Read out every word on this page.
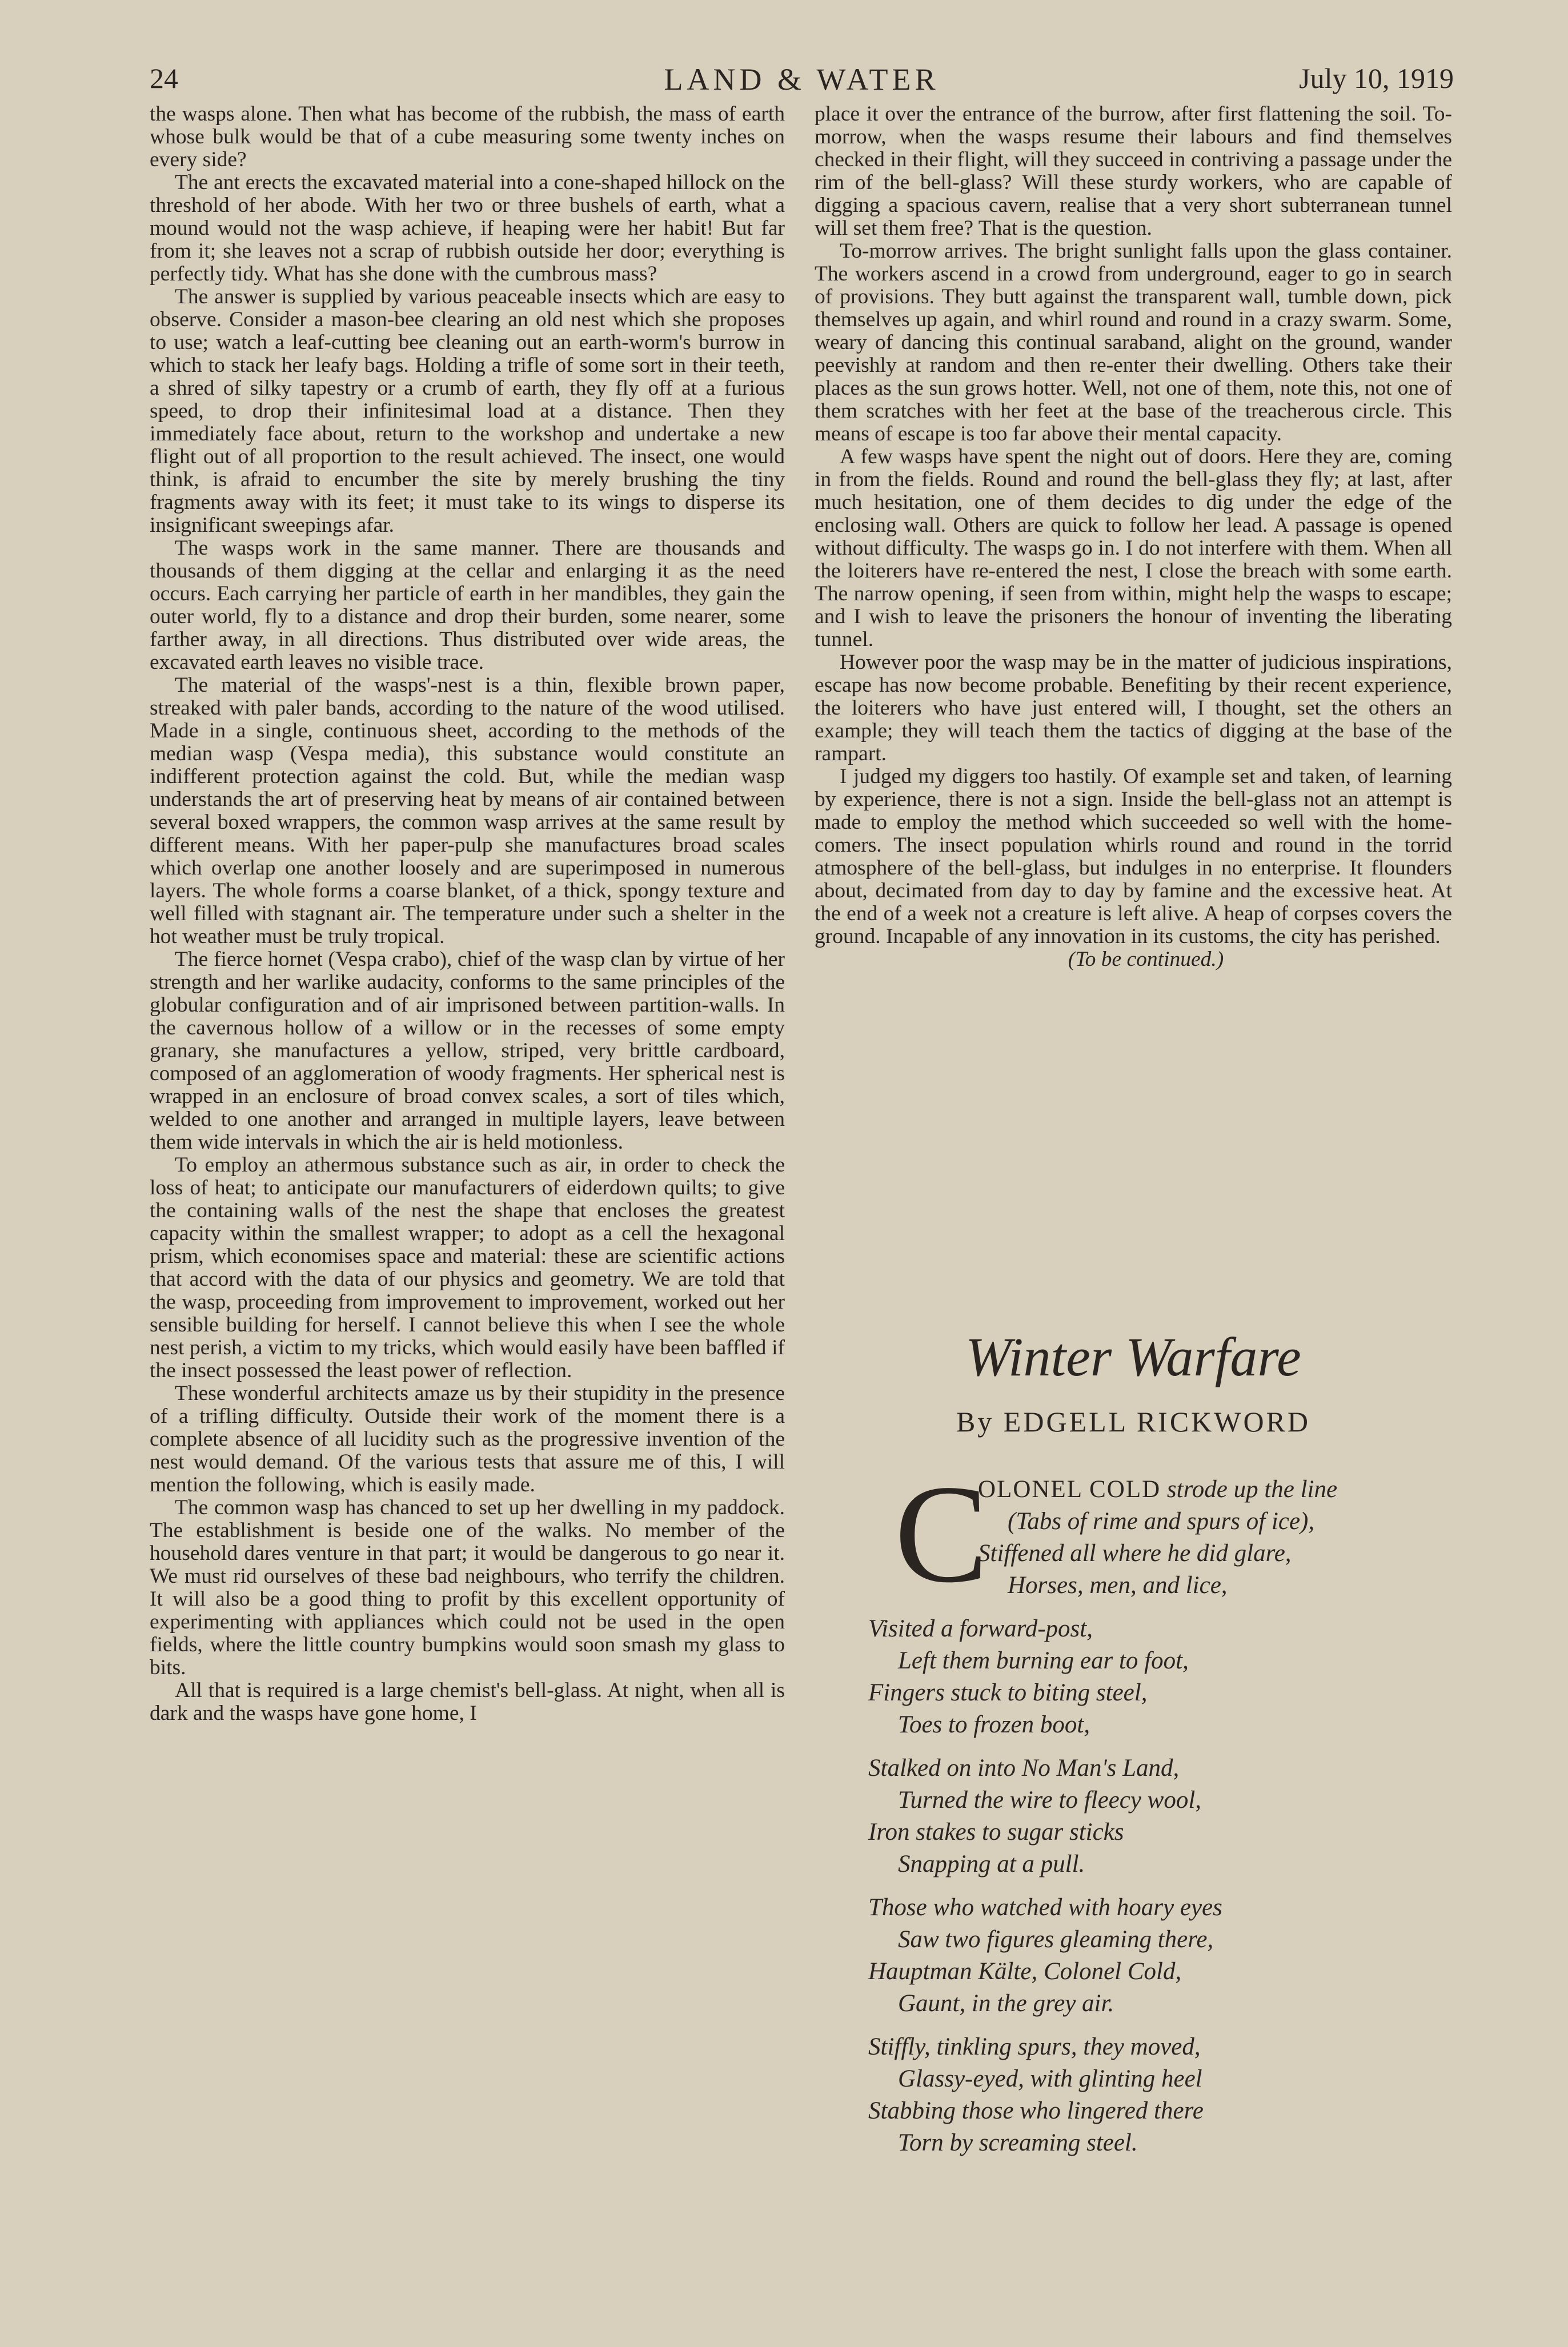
24	LAND & WATER	July 10, 1919

the wasps alone. Then what has become of the rubbish, the mass of earth whose bulk would be that of a cube measuring some twenty inches on every side?

The ant erects the excavated material into a cone-shaped hillock on the threshold of her abode. With her two or three bushels of earth, what a mound would not the wasp achieve, if heaping were her habit! But far from it; she leaves not a scrap of rubbish outside her door; everything is perfectly tidy. What has she done with the cumbrous mass?

The answer is supplied by various peaceable insects which are easy to observe. Consider a mason-bee clearing an old nest which she proposes to use; watch a leaf-cutting bee cleaning out an earth-worm's burrow in which to stack her leafy bags. Holding a trifle of some sort in their teeth, a shred of silky tapestry or a crumb of earth, they fly off at a furious speed, to drop their infinitesimal load at a distance. Then they immediately face about, return to the workshop and undertake a new flight out of all proportion to the result achieved. The insect, one would think, is afraid to encumber the site by merely brushing the tiny fragments away with its feet; it must take to its wings to disperse its insignificant sweepings afar.

The wasps work in the same manner. There are thousands and thousands of them digging at the cellar and enlarging it as the need occurs. Each carrying her particle of earth in her mandibles, they gain the outer world, fly to a distance and drop their burden, some nearer, some farther away, in all directions. Thus distributed over wide areas, the excavated earth leaves no visible trace.

The material of the wasps'-nest is a thin, flexible brown paper, streaked with paler bands, according to the nature of the wood utilised. Made in a single, continuous sheet, according to the methods of the median wasp (Vespa media), this substance would constitute an indifferent protection against the cold. But, while the median wasp understands the art of preserving heat by means of air contained between several boxed wrappers, the common wasp arrives at the same result by different means. With her paper-pulp she manufactures broad scales which overlap one another loosely and are superimposed in numerous layers. The whole forms a coarse blanket, of a thick, spongy texture and well filled with stagnant air. The temperature under such a shelter in the hot weather must be truly tropical.

The fierce hornet (Vespa crabo), chief of the wasp clan by virtue of her strength and her warlike audacity, conforms to the same principles of the globular configuration and of air imprisoned between partition-walls. In the cavernous hollow of a willow or in the recesses of some empty granary, she manufactures a yellow, striped, very brittle cardboard, composed of an agglomeration of woody fragments. Her spherical nest is wrapped in an enclosure of broad convex scales, a sort of tiles which, welded to one another and arranged in multiple layers, leave between them wide intervals in which the air is held motionless.

To employ an athermous substance such as air, in order to check the loss of heat; to anticipate our manufacturers of eiderdown quilts; to give the containing walls of the nest the shape that encloses the greatest capacity within the smallest wrapper; to adopt as a cell the hexagonal prism, which economises space and material: these are scientific actions that accord with the data of our physics and geometry. We are told that the wasp, proceeding from improvement to improvement, worked out her sensible building for herself. I cannot believe this when I see the whole nest perish, a victim to my tricks, which would easily have been baffled if the insect possessed the least power of reflection.

These wonderful architects amaze us by their stupidity in the presence of a trifling difficulty. Outside their work of the moment there is a complete absence of all lucidity such as the progressive invention of the nest would demand. Of the various tests that assure me of this, I will mention the following, which is easily made.

The common wasp has chanced to set up her dwelling in my paddock. The establishment is beside one of the walks. No member of the household dares venture in that part; it would be dangerous to go near it. We must rid ourselves of these bad neighbours, who terrify the children. It will also be a good thing to profit by this excellent opportunity of experimenting with appliances which could not be used in the open fields, where the little country bumpkins would soon smash my glass to bits.

All that is required is a large chemist's bell-glass. At night, when all is dark and the wasps have gone home, I

place it over the entrance of the burrow, after first flattening the soil. To-morrow, when the wasps resume their labours and find themselves checked in their flight, will they succeed in contriving a passage under the rim of the bell-glass? Will these sturdy workers, who are capable of digging a spacious cavern, realise that a very short subterranean tunnel will set them free? That is the question.

To-morrow arrives. The bright sunlight falls upon the glass container. The workers ascend in a crowd from underground, eager to go in search of provisions. They butt against the transparent wall, tumble down, pick themselves up again, and whirl round and round in a crazy swarm. Some, weary of dancing this continual saraband, alight on the ground, wander peevishly at random and then re-enter their dwelling. Others take their places as the sun grows hotter. Well, not one of them, note this, not one of them scratches with her feet at the base of the treacherous circle. This means of escape is too far above their mental capacity.

A few wasps have spent the night out of doors. Here they are, coming in from the fields. Round and round the bell-glass they fly; at last, after much hesitation, one of them decides to dig under the edge of the enclosing wall. Others are quick to follow her lead. A passage is opened without difficulty. The wasps go in. I do not interfere with them. When all the loiterers have re-entered the nest, I close the breach with some earth. The narrow opening, if seen from within, might help the wasps to escape; and I wish to leave the prisoners the honour of inventing the liberating tunnel.

However poor the wasp may be in the matter of judicious inspirations, escape has now become probable. Benefiting by their recent experience, the loiterers who have just entered will, I thought, set the others an example; they will teach them the tactics of digging at the base of the rampart.

I judged my diggers too hastily. Of example set and taken, of learning by experience, there is not a sign. Inside the bell-glass not an attempt is made to employ the method which succeeded so well with the home-comers. The insect population whirls round and round in the torrid atmosphere of the bell-glass, but indulges in no enterprise. It flounders about, decimated from day to day by famine and the excessive heat. At the end of a week not a creature is left alive. A heap of corpses covers the ground. Incapable of any innovation in its customs, the city has perished.

(To be continued.)

Winter Warfare
By EDGELL RICKWORD
C
OLONEL COLD strode up the line
(Tabs of rime and spurs of ice),
Stiffened all where he did glare,
Horses, men, and lice,
Visited a forward-post,
Left them burning ear to foot,
Fingers stuck to biting steel,
Toes to frozen boot,
Stalked on into No Man's Land,
Turned the wire to fleecy wool,
Iron stakes to sugar sticks
Snapping at a pull.
Those who watched with hoary eyes
Saw two figures gleaming there,
Hauptman Kälte, Colonel Cold,
Gaunt, in the grey air.
Stiffly, tinkling spurs, they moved,
Glassy-eyed, with glinting heel
Stabbing those who lingered there
Torn by screaming steel.
